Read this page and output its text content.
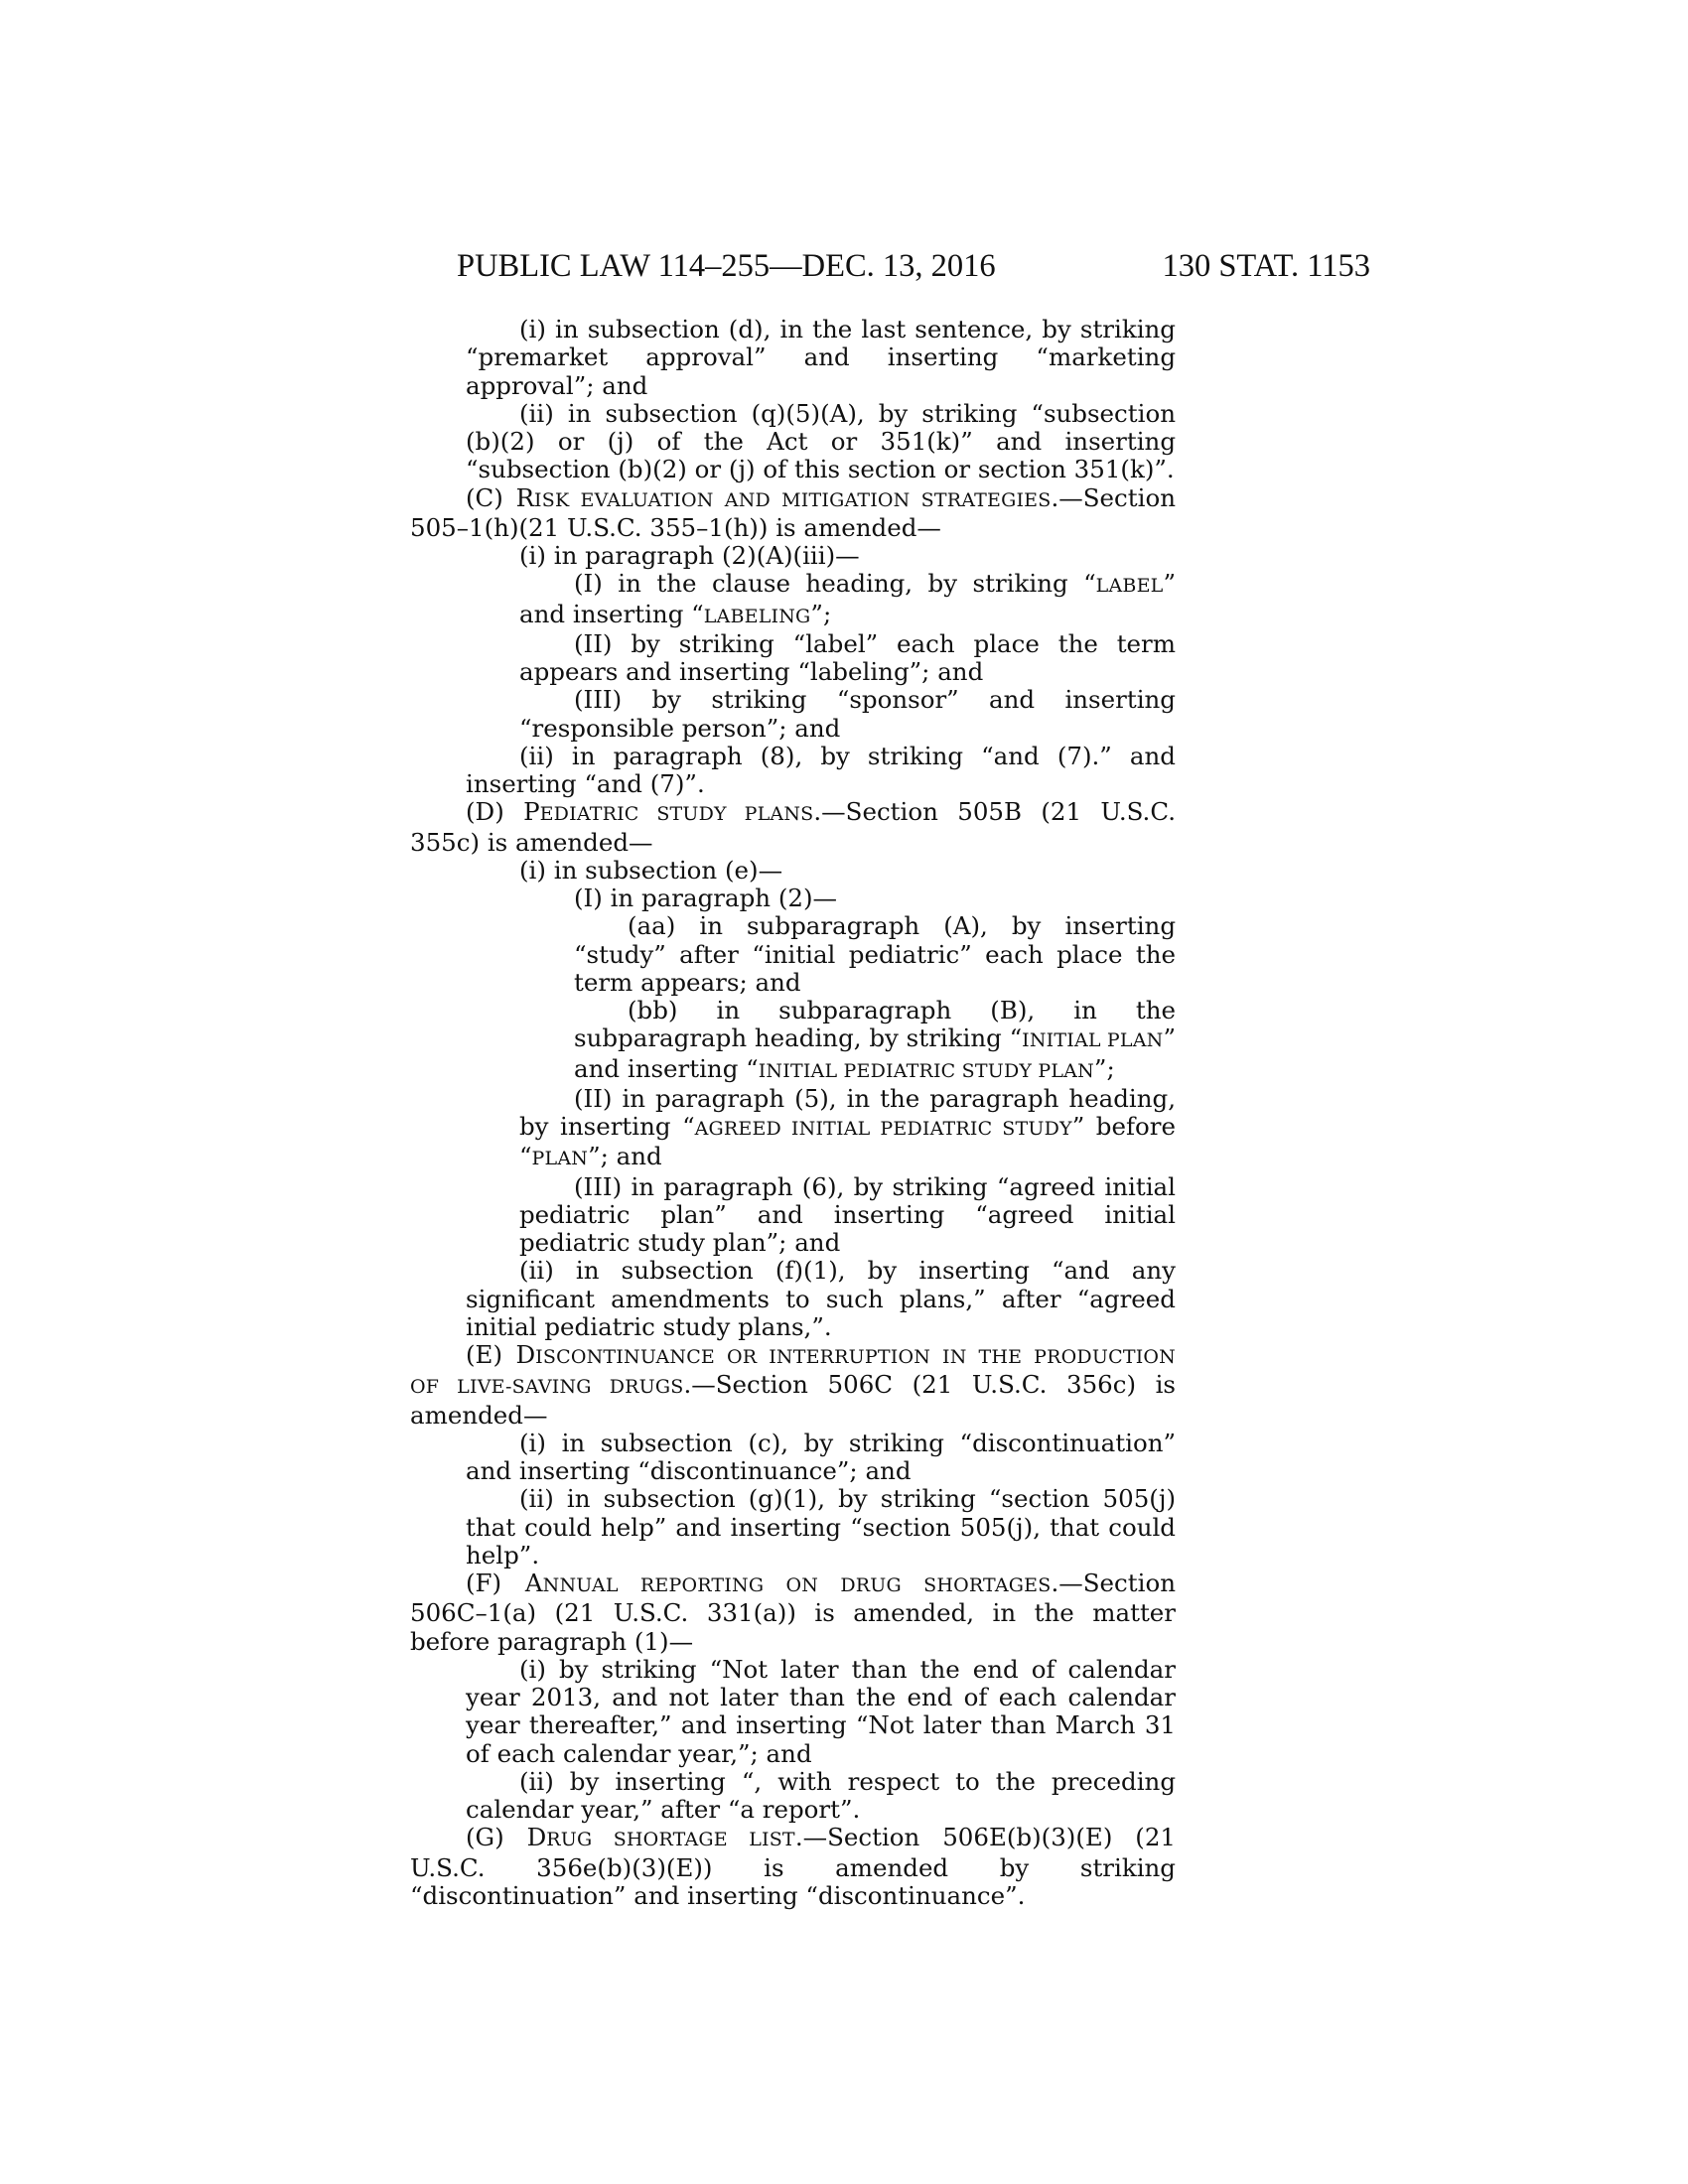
PUBLIC LAW 114–255—DEC. 13, 2016	130 STAT. 1153

(i) in subsection (d), in the last sentence, by striking “premarket approval” and inserting “marketing approval”; and

(ii) in subsection (q)(5)(A), by striking “subsection (b)(2) or (j) of the Act or 351(k)” and inserting “subsection (b)(2) or (j) of this section or section 351(k)”.

(C) RISK EVALUATION AND MITIGATION STRATEGIES.—Section 505–1(h)(21 U.S.C. 355–1(h)) is amended—

(i) in paragraph (2)(A)(iii)—

(I) in the clause heading, by striking “LABEL” and inserting “LABELING”;

(II) by striking “label” each place the term appears and inserting “labeling”; and

(III) by striking “sponsor” and inserting “responsible person”; and

(ii) in paragraph (8), by striking “and (7).” and inserting “and (7)”.

(D) PEDIATRIC STUDY PLANS.—Section 505B (21 U.S.C. 355c) is amended—

(i) in subsection (e)—

(I) in paragraph (2)—

(aa) in subparagraph (A), by inserting “study” after “initial pediatric” each place the term appears; and

(bb) in subparagraph (B), in the subparagraph heading, by striking “INITIAL PLAN” and inserting “INITIAL PEDIATRIC STUDY PLAN”;

(II) in paragraph (5), in the paragraph heading, by inserting “AGREED INITIAL PEDIATRIC STUDY” before “PLAN”; and

(III) in paragraph (6), by striking “agreed initial pediatric plan” and inserting “agreed initial pediatric study plan”; and

(ii) in subsection (f)(1), by inserting “and any significant amendments to such plans,” after “agreed initial pediatric study plans,”.

(E) DISCONTINUANCE OR INTERRUPTION IN THE PRODUCTION OF LIVE-SAVING DRUGS.—Section 506C (21 U.S.C. 356c) is amended—

(i) in subsection (c), by striking “discontinuation” and inserting “discontinuance”; and

(ii) in subsection (g)(1), by striking “section 505(j) that could help” and inserting “section 505(j), that could help”.

(F) ANNUAL REPORTING ON DRUG SHORTAGES.—Section 506C–1(a) (21 U.S.C. 331(a)) is amended, in the matter before paragraph (1)—

(i) by striking “Not later than the end of calendar year 2013, and not later than the end of each calendar year thereafter,” and inserting “Not later than March 31 of each calendar year,”; and

(ii) by inserting “, with respect to the preceding calendar year,” after “a report”.

(G) DRUG SHORTAGE LIST.—Section 506E(b)(3)(E) (21 U.S.C. 356e(b)(3)(E)) is amended by striking “discontinuation” and inserting “discontinuance”.
